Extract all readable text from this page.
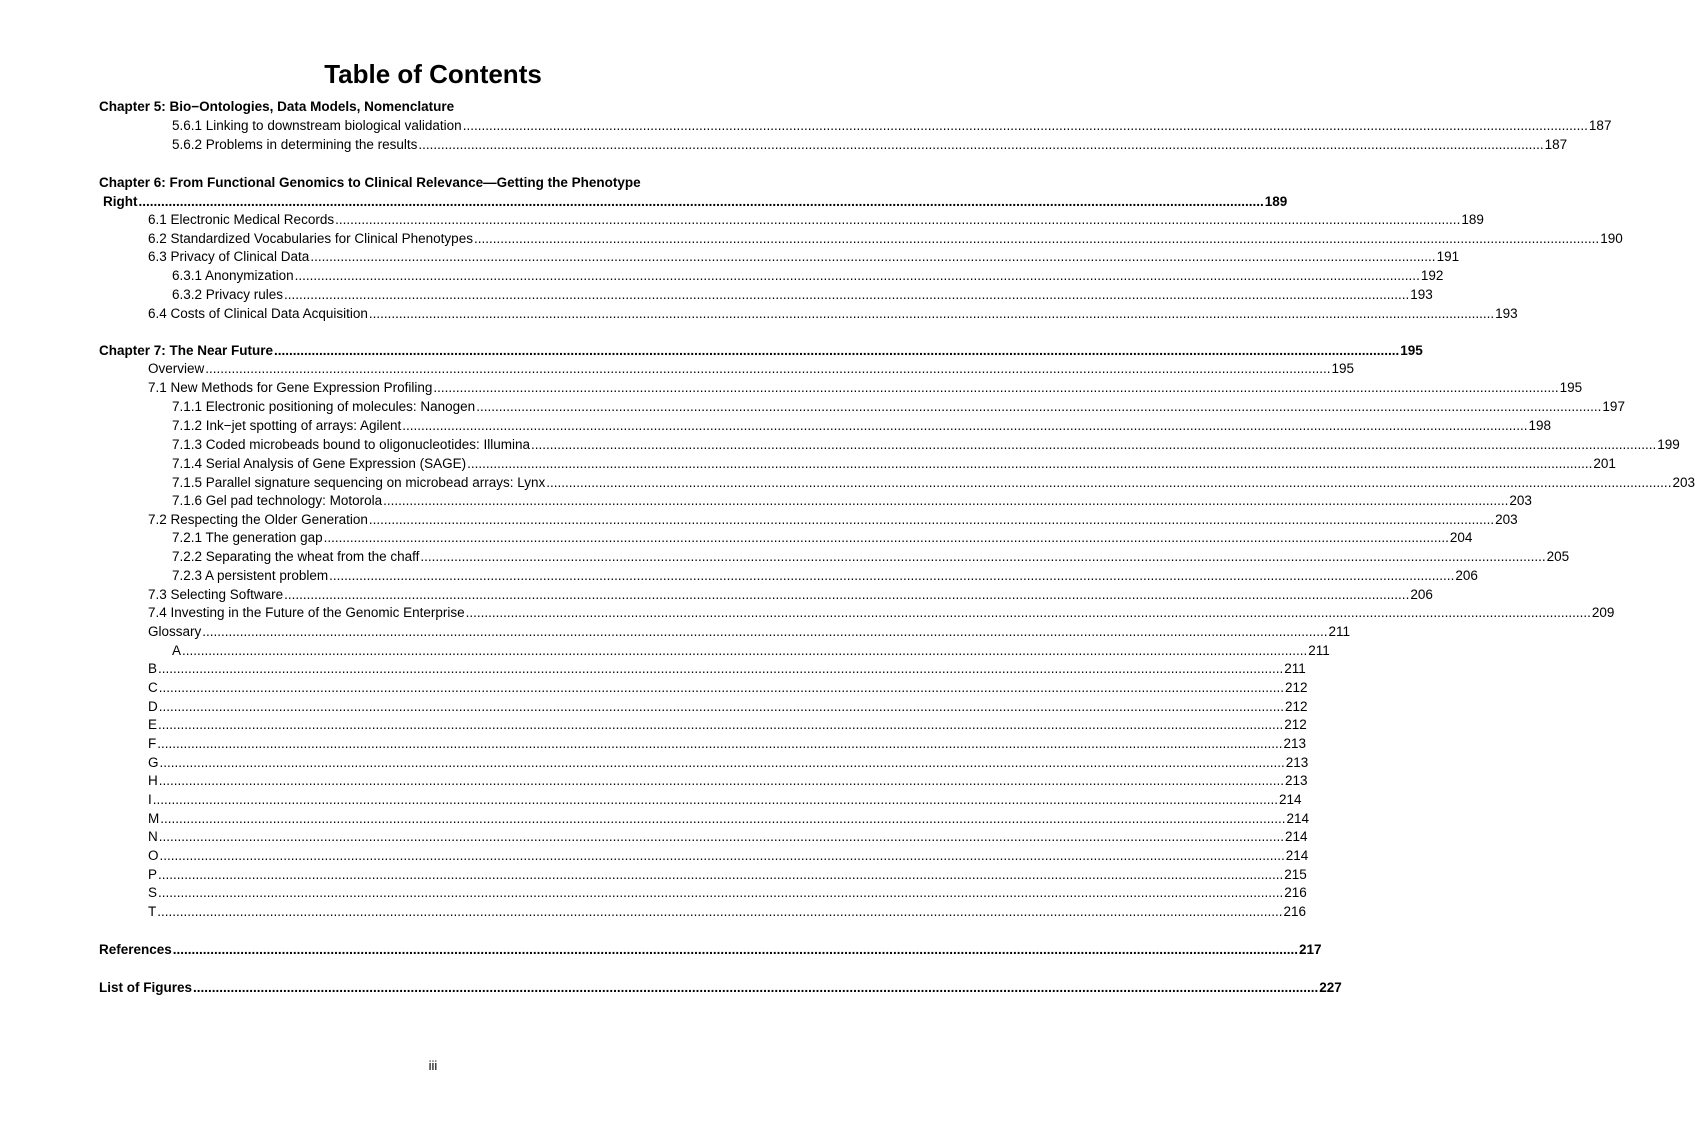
Table of Contents
Chapter 5: Bio−Ontologies, Data Models, Nomenclature
5.6.1 Linking to downstream biological validation ............................................................................................................................................................................................................................................................................................................ 187
5.6.2 Problems in determining the results ............................................................................................................................................................................................................................................................................................................ 187
Chapter 6: From Functional Genomics to Clinical Relevance—Getting the Phenotype
Right ............................................................................................................................................................................................................................................................................................................ 189
6.1 Electronic Medical Records ............................................................................................................................................................................................................................................................................................................ 189
6.2 Standardized Vocabularies for Clinical Phenotypes ............................................................................................................................................................................................................................................................................................................ 190
6.3 Privacy of Clinical Data ............................................................................................................................................................................................................................................................................................................ 191
6.3.1 Anonymization ............................................................................................................................................................................................................................................................................................................ 192
6.3.2 Privacy rules ............................................................................................................................................................................................................................................................................................................ 193
6.4 Costs of Clinical Data Acquisition ............................................................................................................................................................................................................................................................................................................ 193
Chapter 7: The Near Future ............................................................................................................................................................................................................................................................................................................ 195
Overview ............................................................................................................................................................................................................................................................................................................ 195
7.1 New Methods for Gene Expression Profiling ............................................................................................................................................................................................................................................................................................................ 195
7.1.1 Electronic positioning of molecules: Nanogen ............................................................................................................................................................................................................................................................................................................ 197
7.1.2 Ink−jet spotting of arrays: Agilent ............................................................................................................................................................................................................................................................................................................ 198
7.1.3 Coded microbeads bound to oligonucleotides: Illumina ............................................................................................................................................................................................................................................................................................................ 199
7.1.4 Serial Analysis of Gene Expression (SAGE) ............................................................................................................................................................................................................................................................................................................ 201
7.1.5 Parallel signature sequencing on microbead arrays: Lynx ............................................................................................................................................................................................................................................................................................................ 203
7.1.6 Gel pad technology: Motorola ............................................................................................................................................................................................................................................................................................................ 203
7.2 Respecting the Older Generation ............................................................................................................................................................................................................................................................................................................ 203
7.2.1 The generation gap ............................................................................................................................................................................................................................................................................................................ 204
7.2.2 Separating the wheat from the chaff ............................................................................................................................................................................................................................................................................................................ 205
7.2.3 A persistent problem ............................................................................................................................................................................................................................................................................................................ 206
7.3 Selecting Software ............................................................................................................................................................................................................................................................................................................ 206
7.4 Investing in the Future of the Genomic Enterprise ............................................................................................................................................................................................................................................................................................................ 209
Glossary ............................................................................................................................................................................................................................................................................................................ 211
A ............................................................................................................................................................................................................................................................................................................ 211
B ............................................................................................................................................................................................................................................................................................................ 211
C ............................................................................................................................................................................................................................................................................................................ 212
D ............................................................................................................................................................................................................................................................................................................ 212
E ............................................................................................................................................................................................................................................................................................................ 212
F ............................................................................................................................................................................................................................................................................................................ 213
G ............................................................................................................................................................................................................................................................................................................ 213
H ............................................................................................................................................................................................................................................................................................................ 213
I ............................................................................................................................................................................................................................................................................................................ 214
M ............................................................................................................................................................................................................................................................................................................ 214
N ............................................................................................................................................................................................................................................................................................................ 214
O ............................................................................................................................................................................................................................................................................................................ 214
P ............................................................................................................................................................................................................................................................................................................ 215
S ............................................................................................................................................................................................................................................................................................................ 216
T ............................................................................................................................................................................................................................................................................................................ 216
References ............................................................................................................................................................................................................................................................................................................ 217
List of Figures ............................................................................................................................................................................................................................................................................................................ 227
iii
